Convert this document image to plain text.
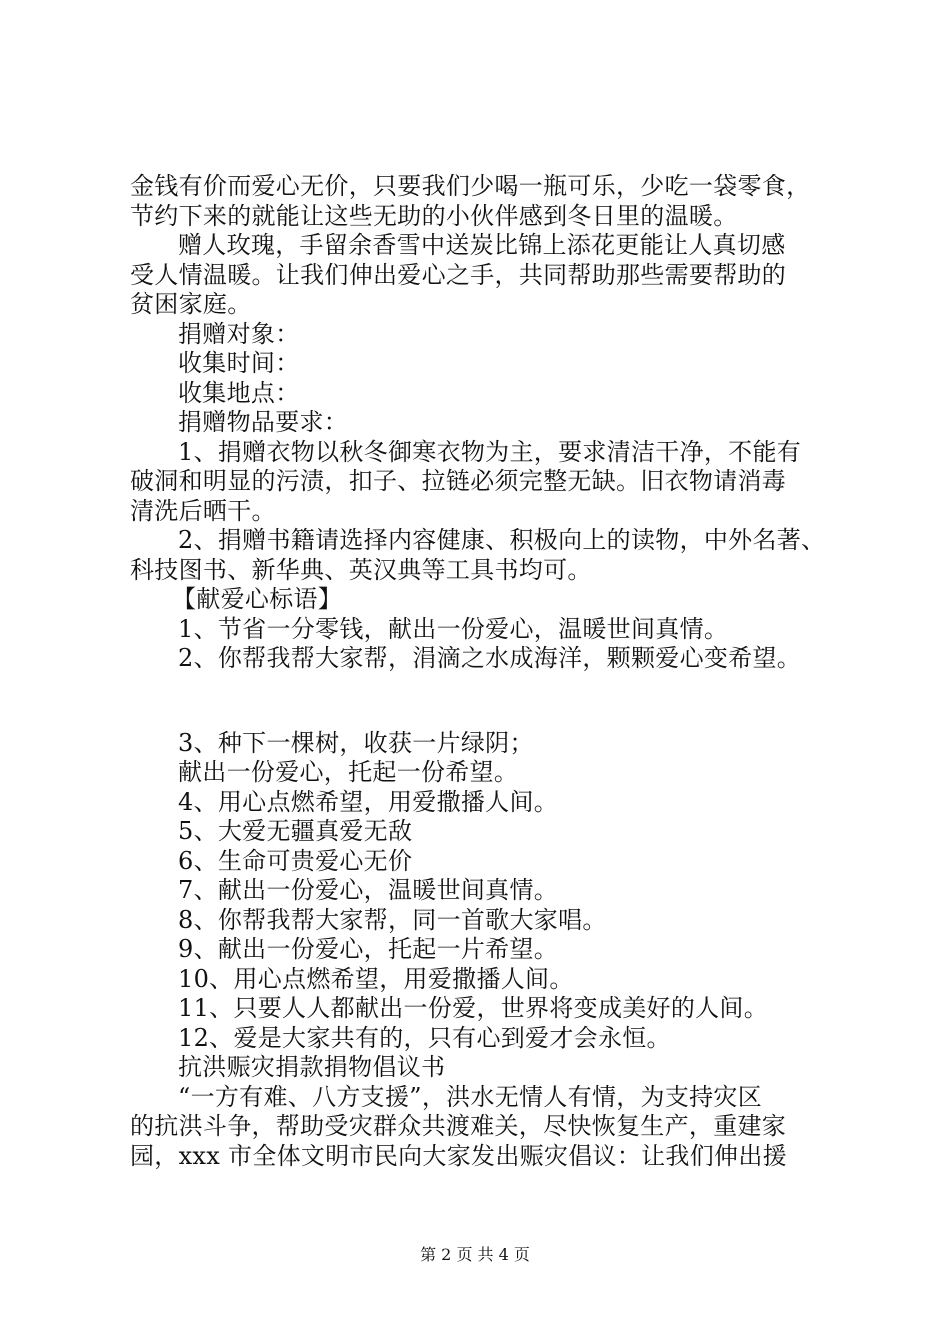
金钱有价而爱心无价，只要我们少喝一瓶可乐，少吃一袋零食，
节约下来的就能让这些无助的小伙伴感到冬日里的温暖。
赠人玫瑰，手留余香雪中送炭比锦上添花更能让人真切感
受人情温暖。让我们伸出爱心之手，共同帮助那些需要帮助的
贫困家庭。
捐赠对象：
收集时间：
收集地点：
捐赠物品要求：
1、捐赠衣物以秋冬御寒衣物为主，要求清洁干净，不能有
破洞和明显的污渍，扣子、拉链必须完整无缺。旧衣物请消毒
清洗后晒干。
2、捐赠书籍请选择内容健康、积极向上的读物，中外名著、
科技图书、新华典、英汉典等工具书均可。
【献爱心标语】
1、节省一分零钱，献出一份爱心，温暖世间真情。
2、你帮我帮大家帮，涓滴之水成海洋，颗颗爱心变希望。
3、种下一棵树，收获一片绿阴；
献出一份爱心，托起一份希望。
4、用心点燃希望，用爱撒播人间。
5、大爱无疆真爱无敌
6、生命可贵爱心无价
7、献出一份爱心，温暖世间真情。
8、你帮我帮大家帮，同一首歌大家唱。
9、献出一份爱心，托起一片希望。
10、用心点燃希望，用爱撒播人间。
11、只要人人都献出一份爱，世界将变成美好的人间。
12、爱是大家共有的，只有心到爱才会永恒。
抗洪赈灾捐款捐物倡议书
“一方有难、八方支援”，洪水无情人有情，为支持灾区
的抗洪斗争，帮助受灾群众共渡难关，尽快恢复生产，重建家
园，xxx 市全体文明市民向大家发出赈灾倡议：让我们伸出援
第 2 页 共 4 页
